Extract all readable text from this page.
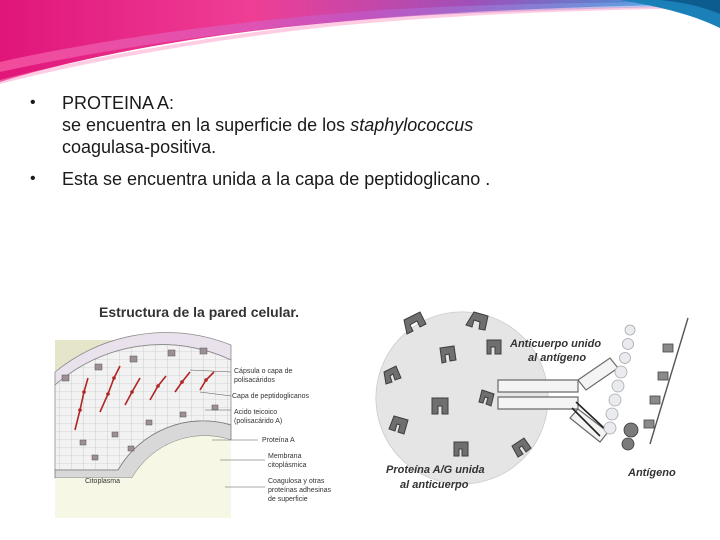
•
PROTEINA A:
se encuentra en la superficie de los staphylococcus
coagulasa-positiva.
•
Esta se encuentra unida a la capa de peptidoglicano .
Estructura de la pared celular.
Citoplasma
Cápsula o capa de
polisacáridos
Capa de peptidoglicanos
Acido teicoico
(polisacárido A)
Proteína A
Membrana
citoplásmica
Coagulosa y otras
proteínas adhesinas
de superficie
Anticuerpo unido
al antígeno
Proteína A/G unida
al anticuerpo
Antígeno
